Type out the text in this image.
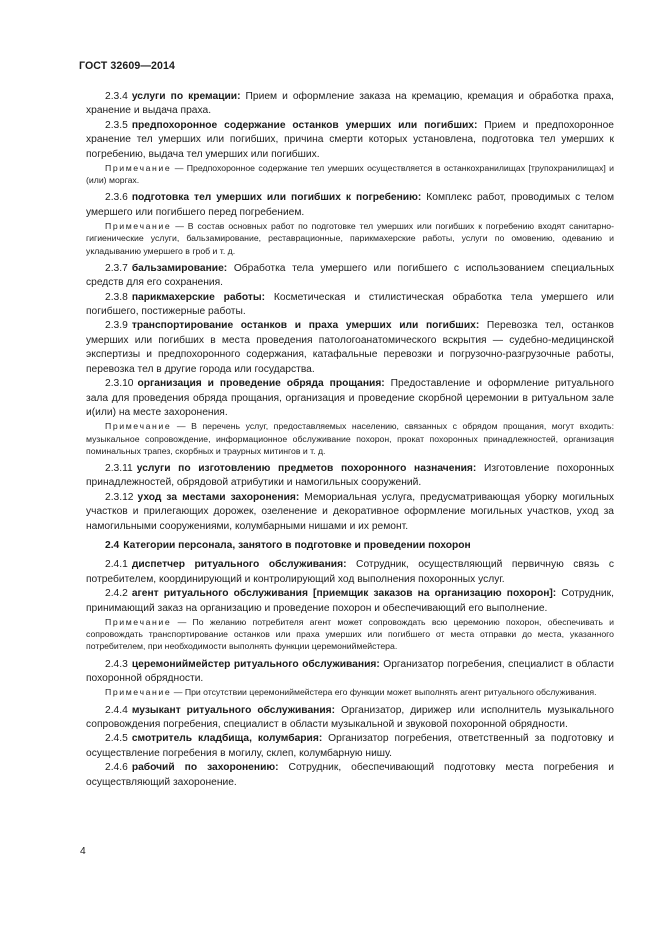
ГОСТ 32609—2014

2.3.4 услуги по кремации: Прием и оформление заказа на кремацию, кремация и обработка праха, хранение и выдача праха.

2.3.5 предпохоронное содержание останков умерших или погибших: Прием и предпохоронное хранение тел умерших или погибших, причина смерти которых установлена, подготовка тел умерших к погребению, выдача тел умерших или погибших.

Примечание — Предпохоронное содержание тел умерших осуществляется в останкохранилищах [трупохранилищах] и (или) моргах.

2.3.6 подготовка тел умерших или погибших к погребению: Комплекс работ, проводимых с телом умершего или погибшего перед погребением.

Примечание — В состав основных работ по подготовке тел умерших или погибших к погребению входят санитарно-гигиенические услуги, бальзамирование, реставрационные, парикмахерские работы, услуги по омовению, одеванию и укладыванию умершего в гроб и т. д.

2.3.7 бальзамирование: Обработка тела умершего или погибшего с использованием специальных средств для его сохранения.

2.3.8 парикмахерские работы: Косметическая и стилистическая обработка тела умершего или погибшего, постижерные работы.

2.3.9 транспортирование останков и праха умерших или погибших: Перевозка тел, останков умерших или погибших в места проведения патологоанатомического вскрытия — судебно-медицинской экспертизы и предпохоронного содержания, катафальные перевозки и погрузочно-разгрузочные работы, перевозка тел в другие города или государства.

2.3.10 организация и проведение обряда прощания: Предоставление и оформление ритуального зала для проведения обряда прощания, организация и проведение скорбной церемонии в ритуальном зале и(или) на месте захоронения.

Примечание — В перечень услуг, предоставляемых населению, связанных с обрядом прощания, могут входить: музыкальное сопровождение, информационное обслуживание похорон, прокат похоронных принадлежностей, организация поминальных трапез, скорбных и траурных митингов и т. д.

2.3.11 услуги по изготовлению предметов похоронного назначения: Изготовление похоронных принадлежностей, обрядовой атрибутики и намогильных сооружений.

2.3.12 уход за местами захоронения: Мемориальная услуга, предусматривающая уборку могильных участков и прилегающих дорожек, озеленение и декоративное оформление могильных участков, уход за намогильными сооружениями, колумбарными нишами и их ремонт.

2.4 Категории персонала, занятого в подготовке и проведении похорон

2.4.1 диспетчер ритуального обслуживания: Сотрудник, осуществляющий первичную связь с потребителем, координирующий и контролирующий ход выполнения похоронных услуг.

2.4.2 агент ритуального обслуживания [приемщик заказов на организацию похорон]: Сотрудник, принимающий заказ на организацию и проведение похорон и обеспечивающий его выполнение.

Примечание — По желанию потребителя агент может сопровождать всю церемонию похорон, обеспечивать и сопровождать транспортирование останков или праха умерших или погибшего от места отправки до места, указанного потребителем, при необходимости выполнять функции церемониймейстера.

2.4.3 церемониймейстер ритуального обслуживания: Организатор погребения, специалист в области похоронной обрядности.

Примечание — При отсутствии церемониймейстера его функции может выполнять агент ритуального обслуживания.

2.4.4 музыкант ритуального обслуживания: Организатор, дирижер или исполнитель музыкального сопровождения погребения, специалист в области музыкальной и звуковой похоронной обрядности.

2.4.5 смотритель кладбища, колумбария: Организатор погребения, ответственный за подготовку и осуществление погребения в могилу, склеп, колумбарную нишу.

2.4.6 рабочий по захоронению: Сотрудник, обеспечивающий подготовку места погребения и осуществляющий захоронение.

4
